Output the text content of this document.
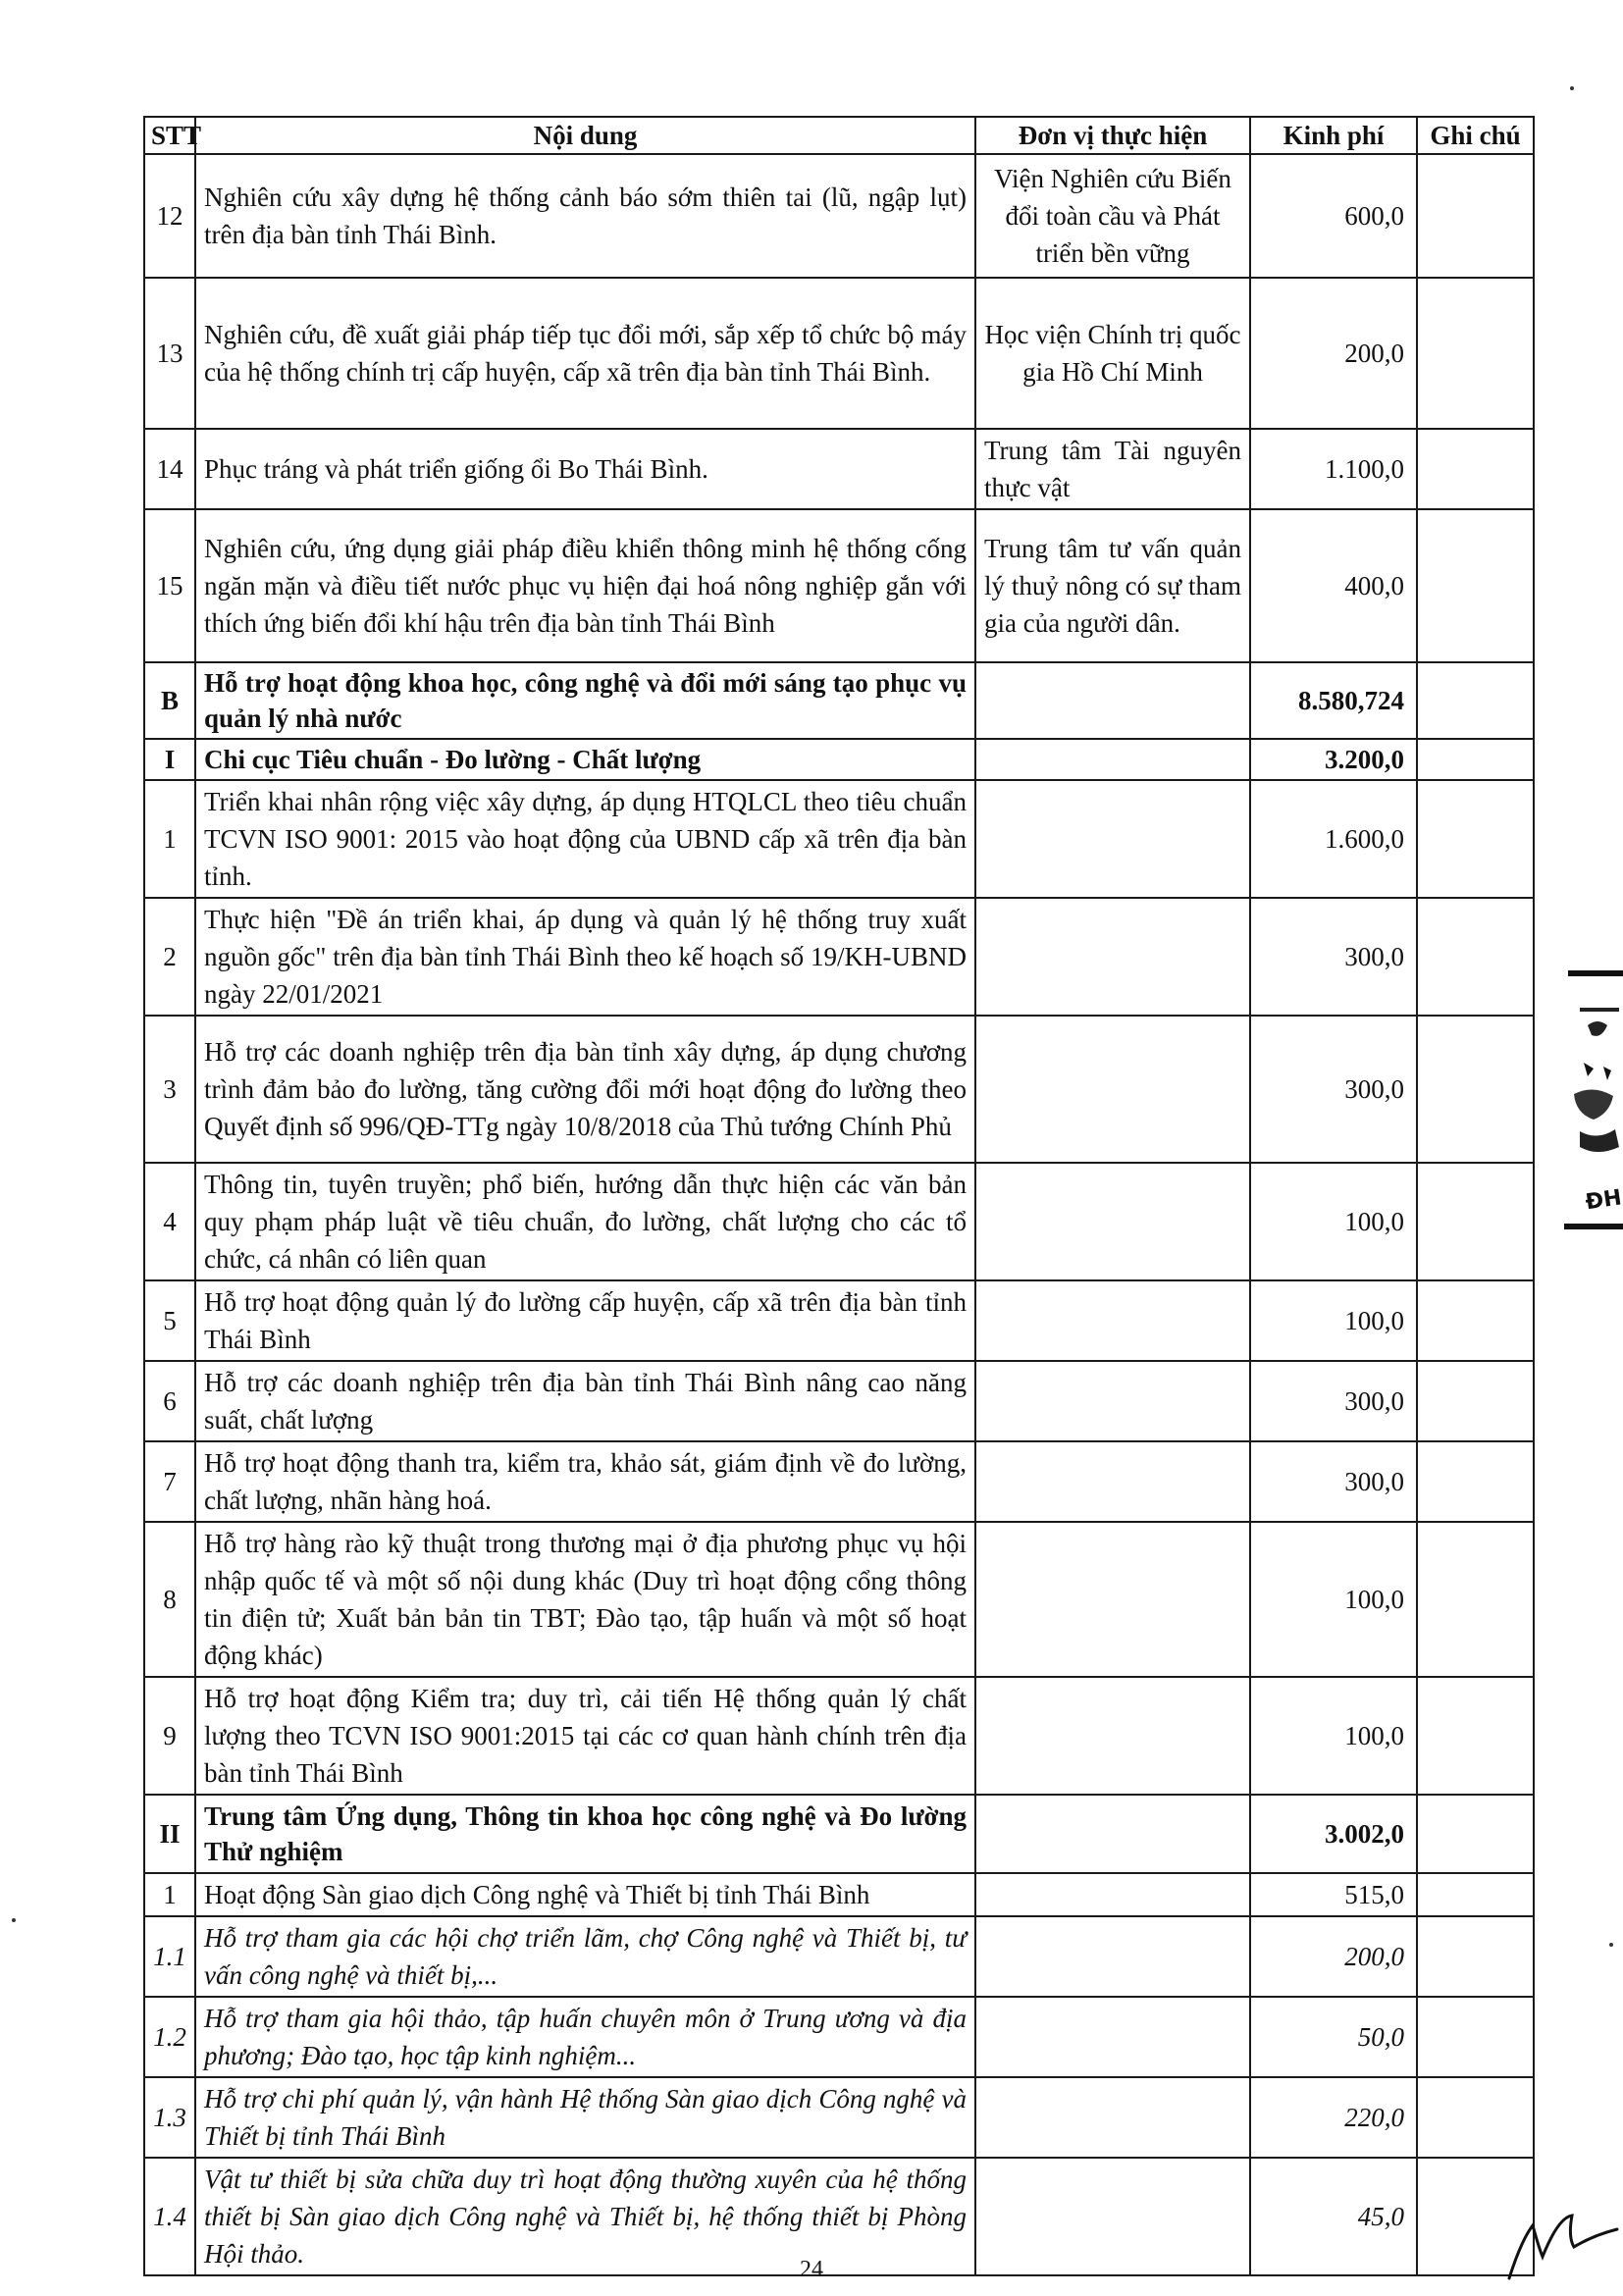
STT	Nội dung	Đơn vị thực hiện	Kinh phí	Ghi chú
12	Nghiên cứu xây dựng hệ thống cảnh báo sớm thiên tai (lũ, ngập lụt) trên địa bàn tỉnh Thái Bình.	Viện Nghiên cứu Biến đổi toàn cầu và Phát triển bền vững	600,0	
13	Nghiên cứu, đề xuất giải pháp tiếp tục đổi mới, sắp xếp tổ chức bộ máy của hệ thống chính trị cấp huyện, cấp xã trên địa bàn tỉnh Thái Bình.	Học viện Chính trị quốc gia Hồ Chí Minh	200,0	
14	Phục tráng và phát triển giống ổi Bo Thái Bình.	Trung tâm Tài nguyên thực vật	1.100,0	
15	Nghiên cứu, ứng dụng giải pháp điều khiển thông minh hệ thống cống ngăn mặn và điều tiết nước phục vụ hiện đại hoá nông nghiệp gắn với thích ứng biến đổi khí hậu trên địa bàn tỉnh Thái Bình	Trung tâm tư vấn quản lý thuỷ nông có sự tham gia của người dân.	400,0	
B	Hỗ trợ hoạt động khoa học, công nghệ và đổi mới sáng tạo phục vụ quản lý nhà nước		8.580,724	
I	Chi cục Tiêu chuẩn - Đo lường - Chất lượng		3.200,0	
1	Triển khai nhân rộng việc xây dựng, áp dụng HTQLCL theo tiêu chuẩn TCVN ISO 9001: 2015 vào hoạt động của UBND cấp xã trên địa bàn tỉnh.		1.600,0	
2	Thực hiện "Đề án triển khai, áp dụng và quản lý hệ thống truy xuất nguồn gốc" trên địa bàn tỉnh Thái Bình theo kế hoạch số 19/KH-UBND ngày 22/01/2021		300,0	
3	Hỗ trợ các doanh nghiệp trên địa bàn tỉnh xây dựng, áp dụng chương trình đảm bảo đo lường, tăng cường đổi mới hoạt động đo lường theo Quyết định số 996/QĐ-TTg ngày 10/8/2018 của Thủ tướng Chính Phủ		300,0	
4	Thông tin, tuyên truyền; phổ biến, hướng dẫn thực hiện các văn bản quy phạm pháp luật về tiêu chuẩn, đo lường, chất lượng cho các tổ chức, cá nhân có liên quan		100,0	
5	Hỗ trợ hoạt động quản lý đo lường cấp huyện, cấp xã trên địa bàn tỉnh Thái Bình		100,0	
6	Hỗ trợ các doanh nghiệp trên địa bàn tỉnh Thái Bình nâng cao năng suất, chất lượng		300,0	
7	Hỗ trợ hoạt động thanh tra, kiểm tra, khảo sát, giám định về đo lường, chất lượng, nhãn hàng hoá.		300,0	
8	Hỗ trợ hàng rào kỹ thuật trong thương mại ở địa phương phục vụ hội nhập quốc tế và một số nội dung khác (Duy trì hoạt động cổng thông tin điện tử; Xuất bản bản tin TBT; Đào tạo, tập huấn và một số hoạt động khác)		100,0	
9	Hỗ trợ hoạt động Kiểm tra; duy trì, cải tiến Hệ thống quản lý chất lượng theo TCVN ISO 9001:2015 tại các cơ quan hành chính trên địa bàn tỉnh Thái Bình		100,0	
II	Trung tâm Ứng dụng, Thông tin khoa học công nghệ và Đo lường Thử nghiệm		3.002,0	
1	Hoạt động Sàn giao dịch Công nghệ và Thiết bị tỉnh Thái Bình		515,0	
1.1	Hỗ trợ tham gia các hội chợ triển lãm, chợ Công nghệ và Thiết bị, tư vấn công nghệ và thiết bị,...		200,0	
1.2	Hỗ trợ tham gia hội thảo, tập huấn chuyên môn ở Trung ương và địa phương; Đào tạo, học tập kinh nghiệm...		50,0	
1.3	Hỗ trợ chi phí quản lý, vận hành Hệ thống Sàn giao dịch Công nghệ và Thiết bị tỉnh Thái Bình		220,0	
1.4	Vật tư thiết bị sửa chữa duy trì hoạt động thường xuyên của hệ thống thiết bị Sàn giao dịch Công nghệ và Thiết bị, hệ thống thiết bị Phòng Hội thảo.		45,0	
ĐH
24
